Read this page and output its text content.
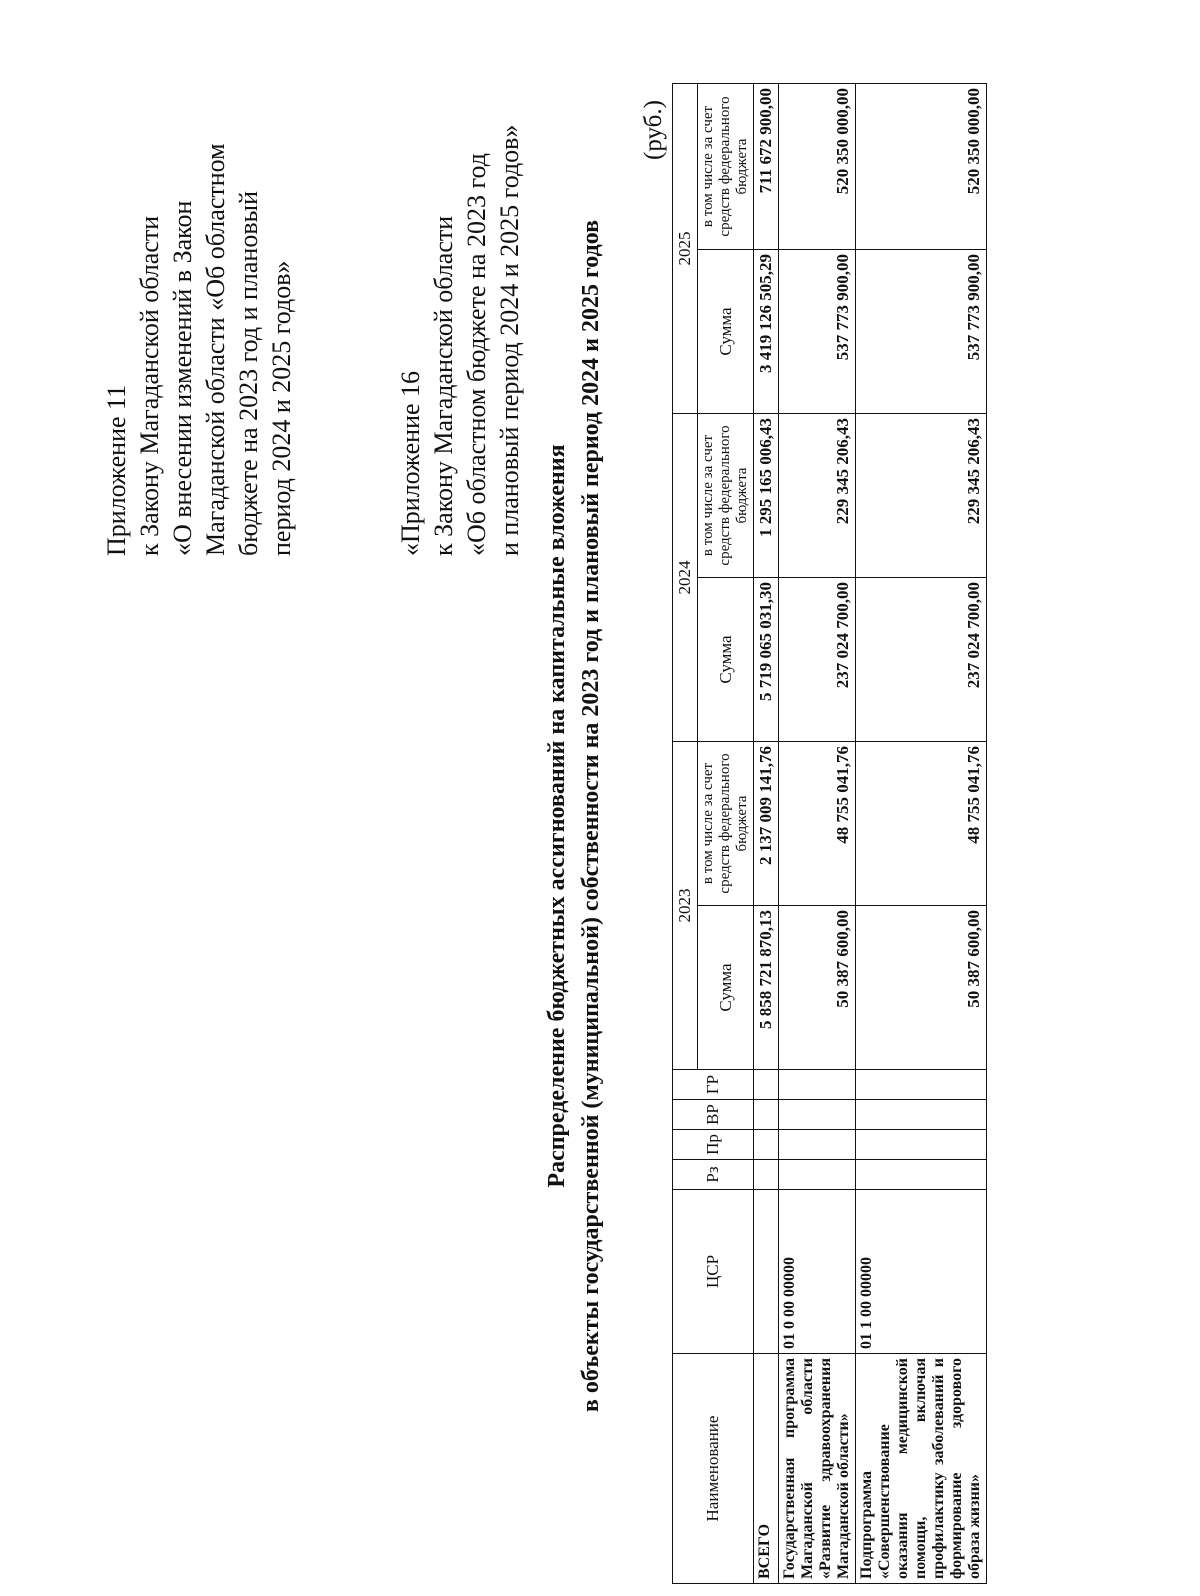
Приложение 11 к Закону Магаданской области «О внесении изменений в Закон Магаданской области «Об областном бюджете на 2023 год и плановый период 2024 и 2025 годов»	«Приложение 16 к Закону Магаданской области «Об областном бюджете на 2023 год и плановый период 2024 и 2025 годов»
Распределение бюджетных ассигнований на капитальные вложения в объекты государственной (муниципальной) собственности на 2023 год и плановый период 2024 и 2025 годов
(руб.)
Наименование	ЦСР	Рз	Пр	ВР	ГР	2023		2024		2025	
						Сумма	в том числе за счет средств федерального бюджета	Сумма	в том числе за счет средств федерального бюджета	Сумма	в том числе за счет средств федерального бюджета
ВСЕГО						5 858 721 870,13	2 137 009 141,76	5 719 065 031,30	1 295 165 006,43	3 419 126 505,29	711 672 900,00
Государственная программа Магаданской области «Развитие здравоохранения Магаданской области»	01 0 00 00000					50 387 600,00	48 755 041,76	237 024 700,00	229 345 206,43	537 773 900,00	520 350 000,00
Подпрограмма «Совершенствование оказания медицинской помощи, включая профилактику заболеваний и формирование здорового образа жизни»	01 1 00 00000					50 387 600,00	48 755 041,76	237 024 700,00	229 345 206,43	537 773 900,00	520 350 000,00
